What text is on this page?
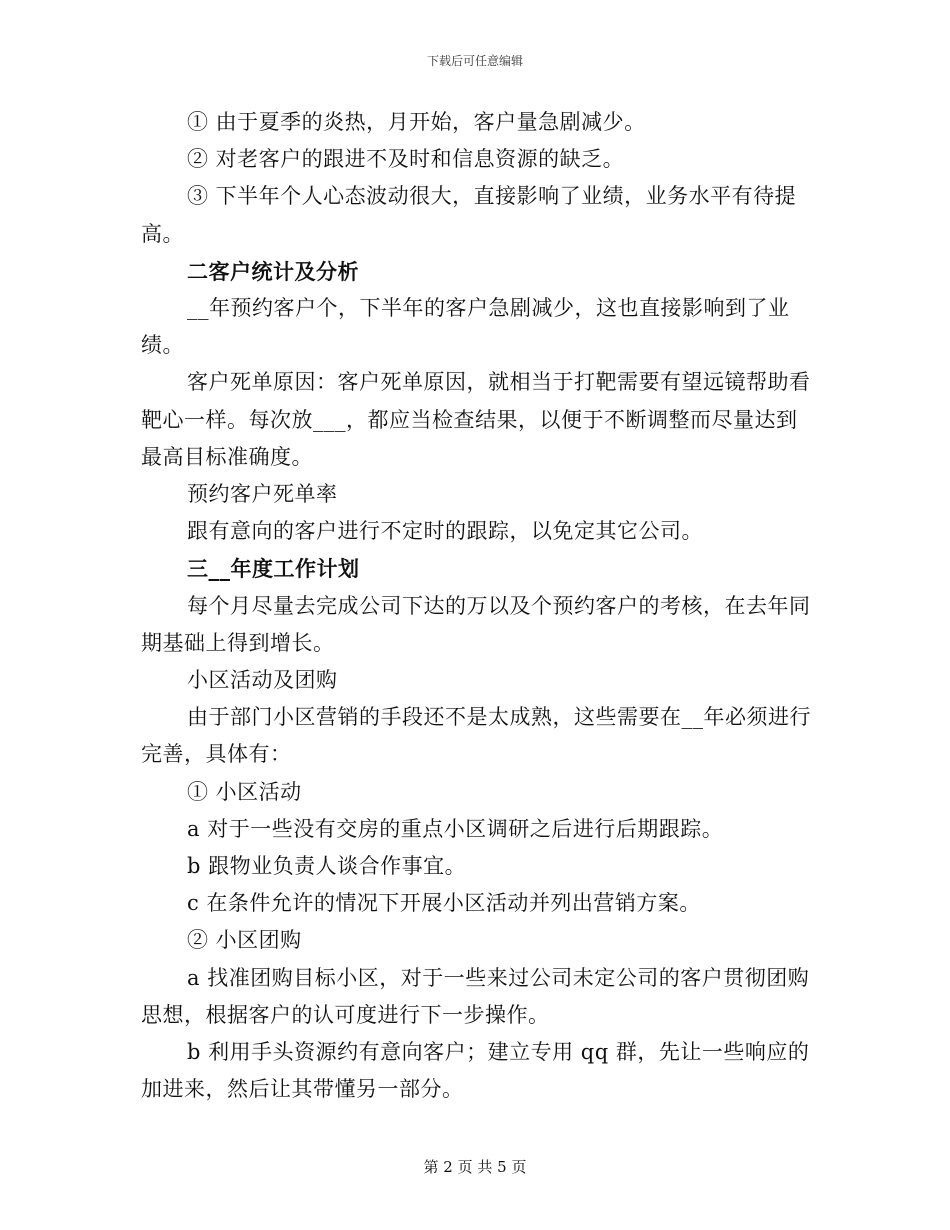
下载后可任意编辑

① 由于夏季的炎热，月开始，客户量急剧减少。

② 对老客户的跟进不及时和信息资源的缺乏。

③ 下半年个人心态波动很大，直接影响了业绩，业务水平有待提高。

二客户统计及分析

__年预约客户个，下半年的客户急剧减少，这也直接影响到了业绩。

客户死单原因：客户死单原因，就相当于打靶需要有望远镜帮助看靶心一样。每次放___，都应当检查结果，以便于不断调整而尽量达到最高目标准确度。

预约客户死单率

跟有意向的客户进行不定时的跟踪，以免定其它公司。

三__年度工作计划

每个月尽量去完成公司下达的万以及个预约客户的考核，在去年同期基础上得到增长。

小区活动及团购

由于部门小区营销的手段还不是太成熟，这些需要在__年必须进行完善，具体有：

① 小区活动

a 对于一些没有交房的重点小区调研之后进行后期跟踪。

b 跟物业负责人谈合作事宜。

c 在条件允许的情况下开展小区活动并列出营销方案。

② 小区团购

a 找准团购目标小区，对于一些来过公司未定公司的客户贯彻团购思想，根据客户的认可度进行下一步操作。

b 利用手头资源约有意向客户；建立专用 qq 群，先让一些响应的加进来，然后让其带懂另一部分。

第 2 页 共 5 页
